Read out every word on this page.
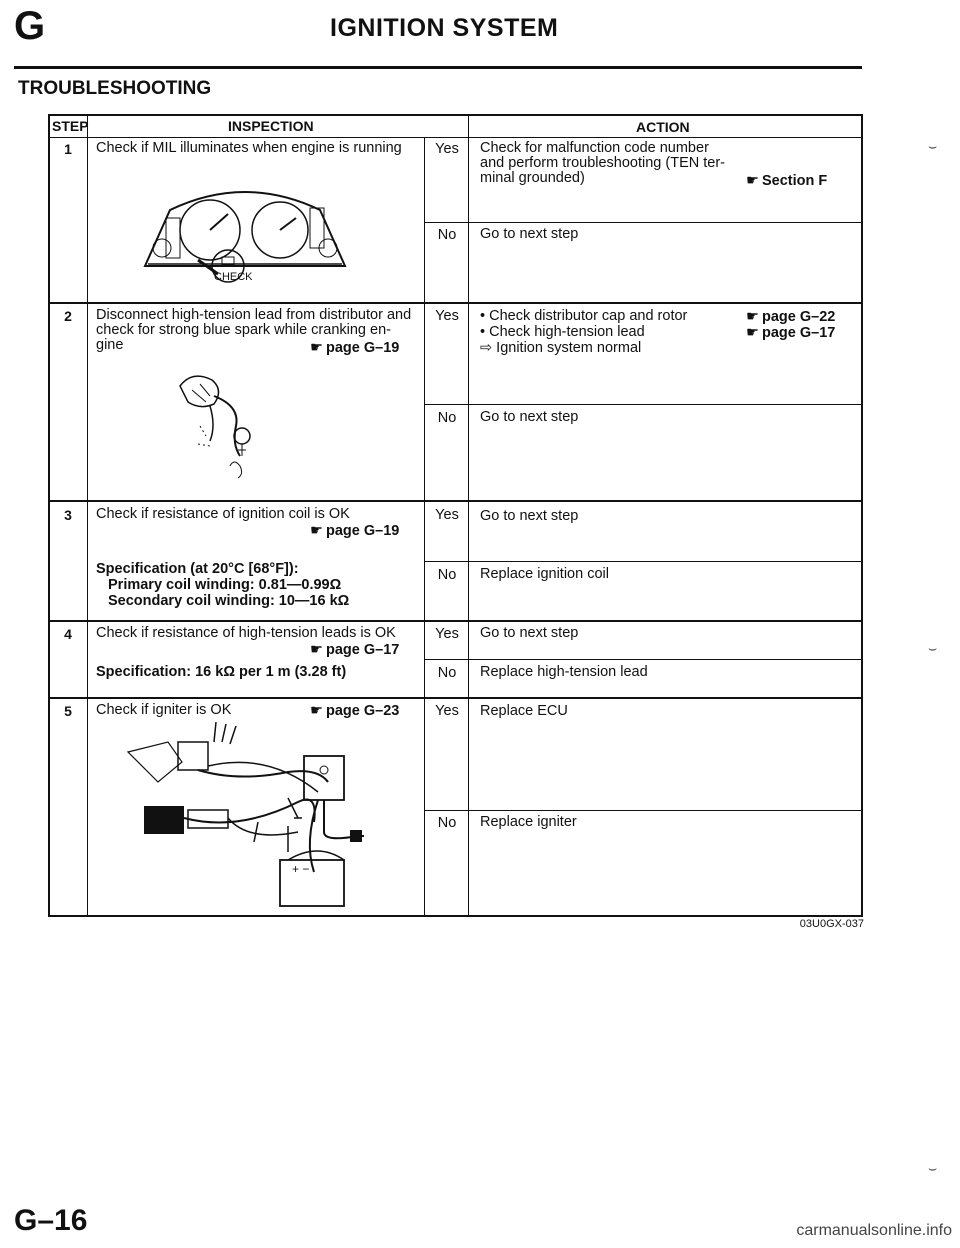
G	IGNITION SYSTEM
TROUBLESHOOTING
STEP	INSPECTION	ACTION
1	Check if MIL illuminates when engine is running	Yes	Check for malfunction code number
and perform troubleshooting (TEN ter-
minal grounded)	☛ Section F
No	Go to next step
CHECK
2	Disconnect high-tension lead from distributor and
check for strong blue spark while cranking en-
gine	☛ page G–19
Yes	• Check distributor cap and rotor	☛ page G–22
• Check high-tension lead	☛ page G–17
⇨ Ignition system normal
No	Go to next step
3	Check if resistance of ignition coil is OK
☛ page G–19
Specification (at 20°C [68°F]):
Primary coil winding: 0.81—0.99Ω
Secondary coil winding: 10—16 kΩ
Yes	Go to next step
No	Replace ignition coil
4	Check if resistance of high-tension leads is OK
☛ page G–17
Specification: 16 kΩ per 1 m (3.28 ft)
Yes	Go to next step
No	Replace high-tension lead
5	Check if igniter is OK	☛ page G–23	Yes	Replace ECU
No	Replace igniter
+ −
03U0GX-037
G–16	carmanualsonline.info
⌣
⌣
⌣
